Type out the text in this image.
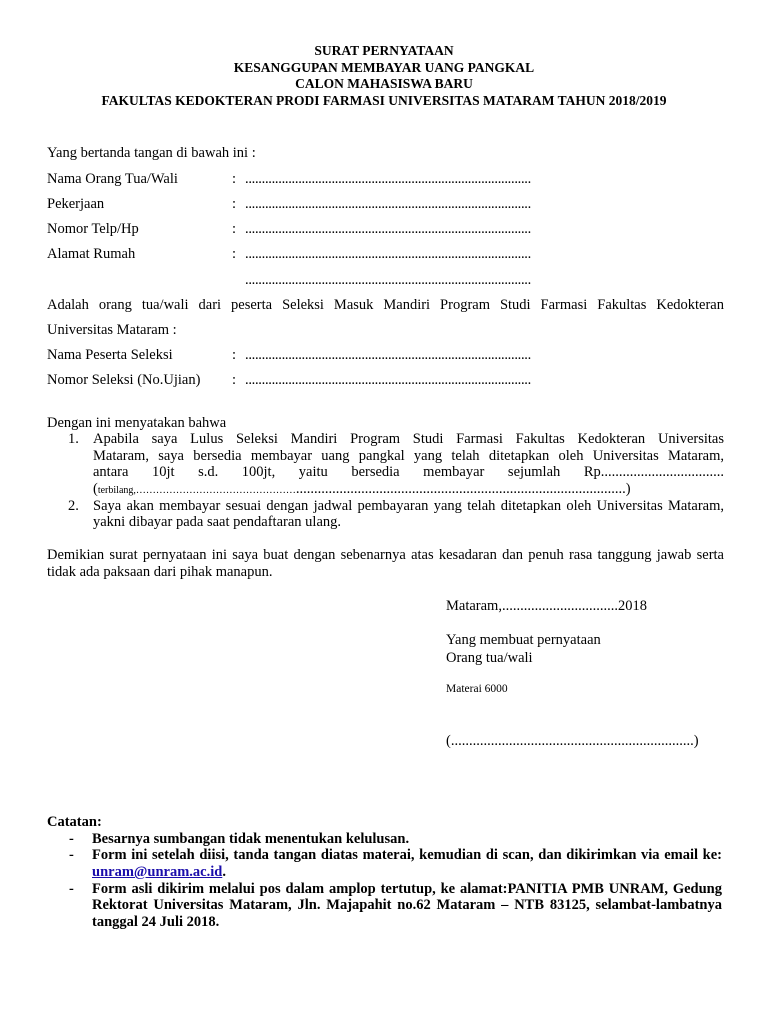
SURAT PERNYATAAN
KESANGGUPAN MEMBAYAR UANG PANGKAL
CALON MAHASISWA BARU
FAKULTAS KEDOKTERAN PRODI FARMASI UNIVERSITAS MATARAM TAHUN 2018/2019
Yang bertanda tangan di bawah ini :
Nama Orang Tua/Wali	: ......................................................................................
Pekerjaan	: ......................................................................................
Nomor Telp/Hp	: ......................................................................................
Alamat Rumah	: ......................................................................................
......................................................................................
Adalah orang tua/wali dari peserta Seleksi Masuk Mandiri Program Studi Farmasi Fakultas Kedokteran
Universitas Mataram :
Nama Peserta Seleksi	: ......................................................................................
Nomor Seleksi (No.Ujian) : ......................................................................................
Dengan ini menyatakan bahwa
1. Apabila saya Lulus Seleksi Mandiri Program Studi Farmasi Fakultas Kedokteran Universitas
Mataram, saya bersedia membayar uang pangkal yang telah ditetapkan oleh Universitas Mataram,
antara 10jt s.d. 100jt, yaitu bersedia membayar sejumlah Rp..................................
(terbilang,…………………………………………...........................................................................................)
2. Saya akan membayar sesuai dengan jadwal pembayaran yang telah ditetapkan oleh Universitas Mataram, yakni dibayar pada saat pendaftaran ulang.
Demikian surat pernyataan ini saya buat dengan sebenarnya atas kesadaran dan penuh rasa tanggung jawab serta tidak ada paksaan dari pihak manapun.
Mataram,................................2018
Yang membuat pernyataan
Orang tua/wali
Materai 6000
(...................................................................)
Catatan:
- Besarnya sumbangan tidak menentukan kelulusan.
- Form ini setelah diisi, tanda tangan diatas materai, kemudian di scan, dan dikirimkan via email ke: unram@unram.ac.id.
- Form asli dikirim melalui pos dalam amplop tertutup, ke alamat:PANITIA PMB UNRAM, Gedung Rektorat Universitas Mataram, Jln. Majapahit no.62 Mataram – NTB 83125, selambat-lambatnya tanggal 24 Juli 2018.
